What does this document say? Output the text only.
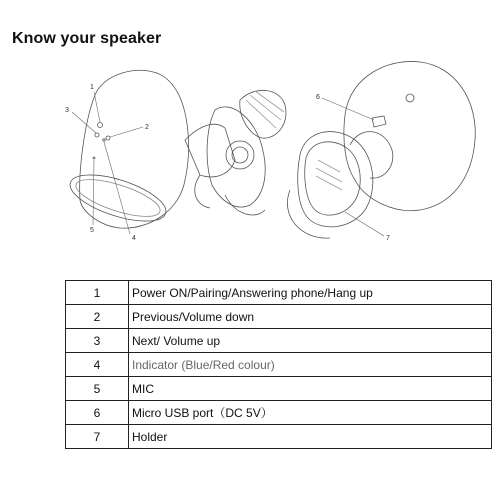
Know your speaker
1
2
3
4
5
6
7
1	Power ON/Pairing/Answering phone/Hang up
2	Previous/Volume down
3	Next/ Volume up
4	Indicator (Blue/Red colour)
5	MIC
6	Micro USB port（DC 5V）
7	Holder
